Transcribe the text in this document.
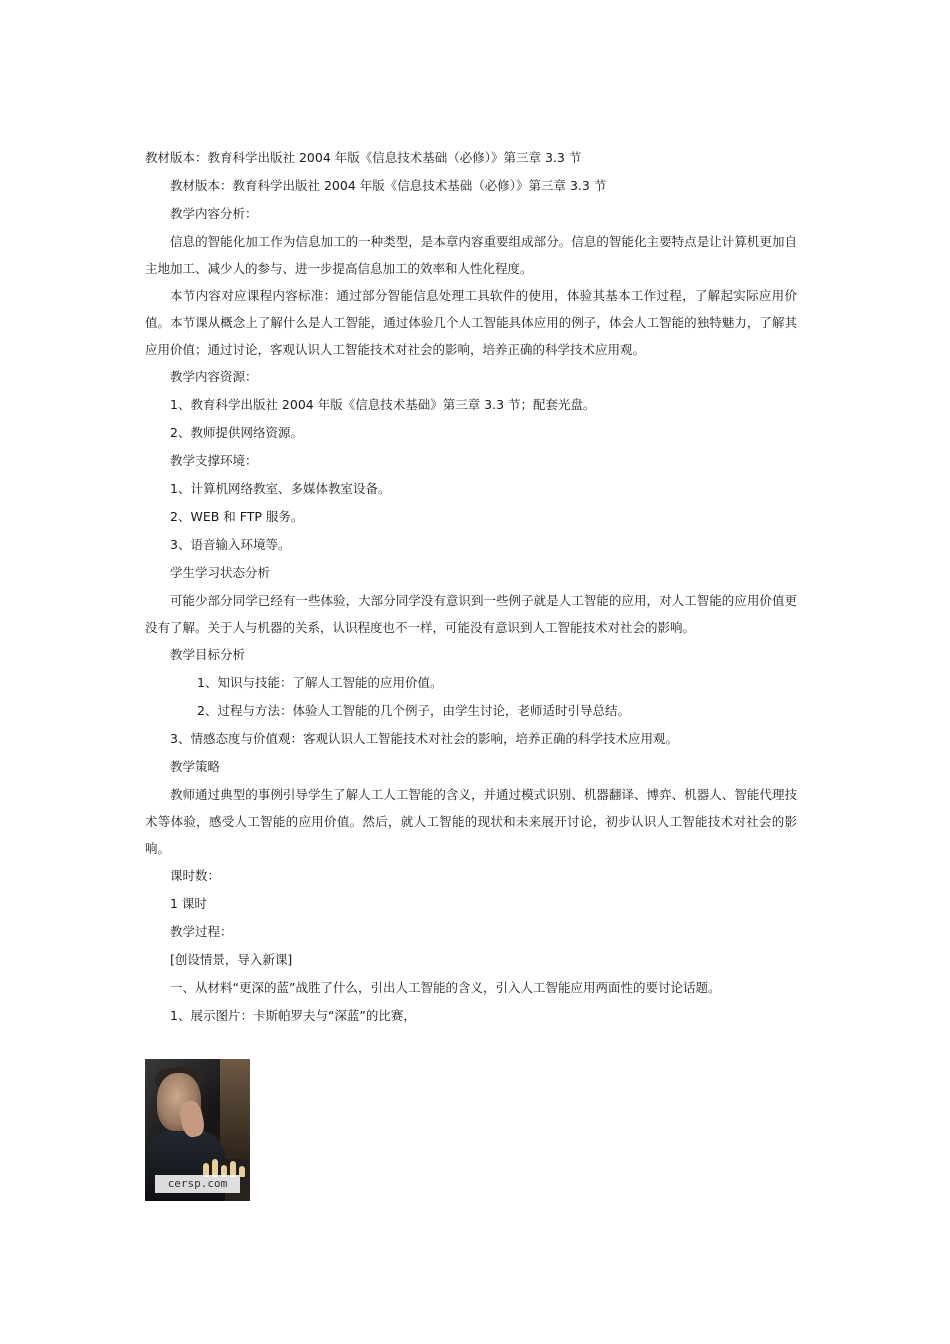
教材版本：教育科学出版社 2004 年版《信息技术基础（必修）》第三章 3.3 节
教材版本：教育科学出版社 2004 年版《信息技术基础（必修）》第三章 3.3 节
教学内容分析：

信息的智能化加工作为信息加工的一种类型，是本章内容重要组成部分。信息的智能化主要特点是让计算机更加自主地加工、减少人的参与、进一步提高信息加工的效率和人性化程度。

本节内容对应课程内容标准：通过部分智能信息处理工具软件的使用，体验其基本工作过程，了解起实际应用价值。本节课从概念上了解什么是人工智能，通过体验几个人工智能具体应用的例子，体会人工智能的独特魅力，了解其应用价值；通过讨论，客观认识人工智能技术对社会的影响，培养正确的科学技术应用观。

教学内容资源：
1、教育科学出版社 2004 年版《信息技术基础》第三章 3.3 节；配套光盘。
2、教师提供网络资源。
教学支撑环境：
1、计算机网络教室、多媒体教室设备。
2、WEB 和 FTP 服务。
3、语音输入环境等。
学生学习状态分析

可能少部分同学已经有一些体验，大部分同学没有意识到一些例子就是人工智能的应用，对人工智能的应用价值更没有了解。关于人与机器的关系，认识程度也不一样，可能没有意识到人工智能技术对社会的影响。

教学目标分析
1、知识与技能：了解人工智能的应用价值。
2、过程与方法：体验人工智能的几个例子，由学生讨论，老师适时引导总结。
3、情感态度与价值观：客观认识人工智能技术对社会的影响，培养正确的科学技术应用观。
教学策略

教师通过典型的事例引导学生了解人工人工智能的含义，并通过模式识别、机器翻译、博弈、机器人、智能代理技术等体验，感受人工智能的应用价值。然后，就人工智能的现状和未来展开讨论，初步认识人工智能技术对社会的影响。

课时数：
1 课时
教学过程：
[创设情景，导入新课]
一、从材料“更深的蓝”战胜了什么，引出人工智能的含义，引入人工智能应用两面性的要讨论话题。
1、展示图片：卡斯帕罗夫与“深蓝”的比赛，
cersp.com
